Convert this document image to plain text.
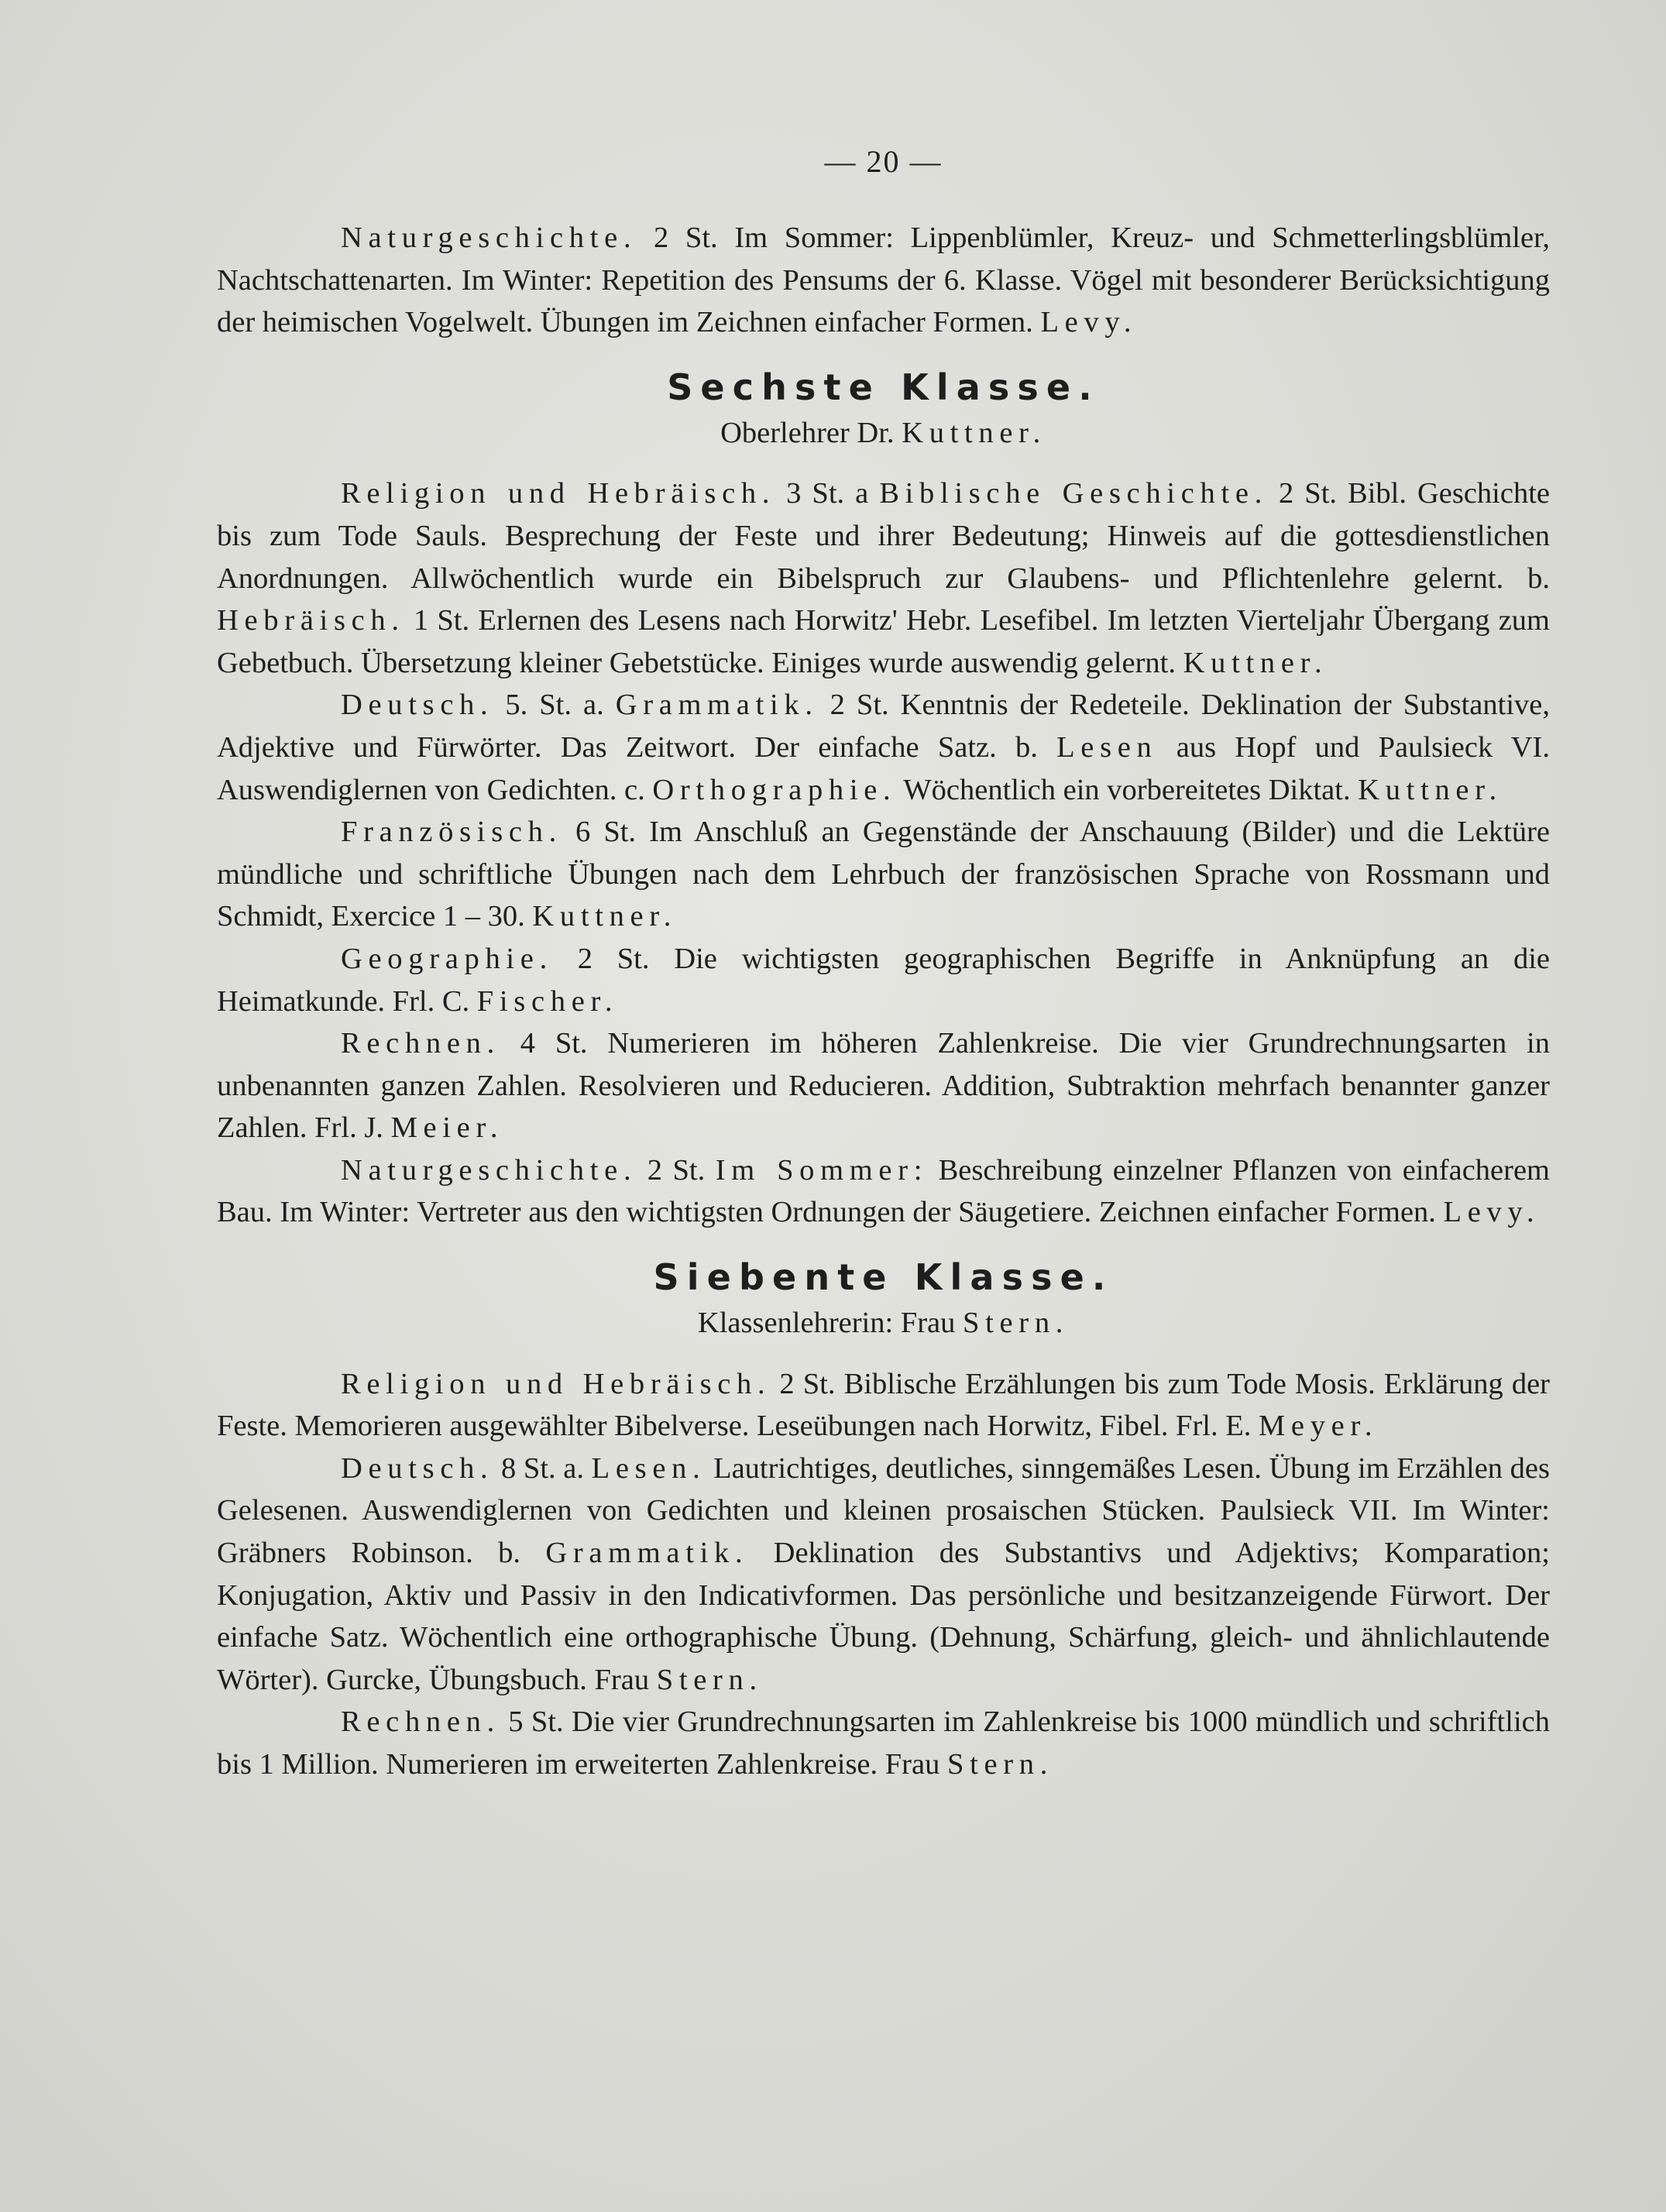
— 20 —

Naturgeschichte. 2 St. Im Sommer: Lippenblümler, Kreuz- und Schmetterlingsblümler, Nachtschattenarten. Im Winter: Repetition des Pensums der 6. Klasse. Vögel mit besonderer Berücksichtigung der heimischen Vogelwelt. Übungen im Zeichnen einfacher Formen. Levy.

Sechste Klasse.
Oberlehrer Dr. Kuttner.

Religion und Hebräisch. 3 St. a Biblische Geschichte. 2 St. Bibl. Geschichte bis zum Tode Sauls. Besprechung der Feste und ihrer Bedeutung; Hinweis auf die gottesdienstlichen Anordnungen. Allwöchentlich wurde ein Bibelspruch zur Glaubens- und Pflichtenlehre gelernt. b. Hebräisch. 1 St. Erlernen des Lesens nach Horwitz' Hebr. Lesefibel. Im letzten Vierteljahr Übergang zum Gebetbuch. Übersetzung kleiner Gebetstücke. Einiges wurde auswendig gelernt. Kuttner.

Deutsch. 5. St. a. Grammatik. 2 St. Kenntnis der Redeteile. Deklination der Substantive, Adjektive und Fürwörter. Das Zeitwort. Der einfache Satz. b. Lesen aus Hopf und Paulsieck VI. Auswendiglernen von Gedichten. c. Orthographie. Wöchentlich ein vorbereitetes Diktat. Kuttner.

Französisch. 6 St. Im Anschluß an Gegenstände der Anschauung (Bilder) und die Lektüre mündliche und schriftliche Übungen nach dem Lehrbuch der französischen Sprache von Rossmann und Schmidt, Exercice 1 – 30. Kuttner.

Geographie. 2 St. Die wichtigsten geographischen Begriffe in Anknüpfung an die Heimatkunde. Frl. C. Fischer.

Rechnen. 4 St. Numerieren im höheren Zahlenkreise. Die vier Grundrechnungsarten in unbenannten ganzen Zahlen. Resolvieren und Reducieren. Addition, Subtraktion mehrfach benannter ganzer Zahlen. Frl. J. Meier.

Naturgeschichte. 2 St. Im Sommer: Beschreibung einzelner Pflanzen von einfacherem Bau. Im Winter: Vertreter aus den wichtigsten Ordnungen der Säugetiere. Zeichnen einfacher Formen. Levy.

Siebente Klasse.
Klassenlehrerin: Frau Stern.

Religion und Hebräisch. 2 St. Biblische Erzählungen bis zum Tode Mosis. Erklärung der Feste. Memorieren ausgewählter Bibelverse. Leseübungen nach Horwitz, Fibel. Frl. E. Meyer.

Deutsch. 8 St. a. Lesen. Lautrichtiges, deutliches, sinngemäßes Lesen. Übung im Erzählen des Gelesenen. Auswendiglernen von Gedichten und kleinen prosaischen Stücken. Paulsieck VII. Im Winter: Gräbners Robinson. b. Grammatik. Deklination des Substantivs und Adjektivs; Komparation; Konjugation, Aktiv und Passiv in den Indicativformen. Das persönliche und besitzanzeigende Fürwort. Der einfache Satz. Wöchentlich eine orthographische Übung. (Dehnung, Schärfung, gleich- und ähnlichlautende Wörter). Gurcke, Übungsbuch. Frau Stern.

Rechnen. 5 St. Die vier Grundrechnungsarten im Zahlenkreise bis 1000 mündlich und schriftlich bis 1 Million. Numerieren im erweiterten Zahlenkreise. Frau Stern.
